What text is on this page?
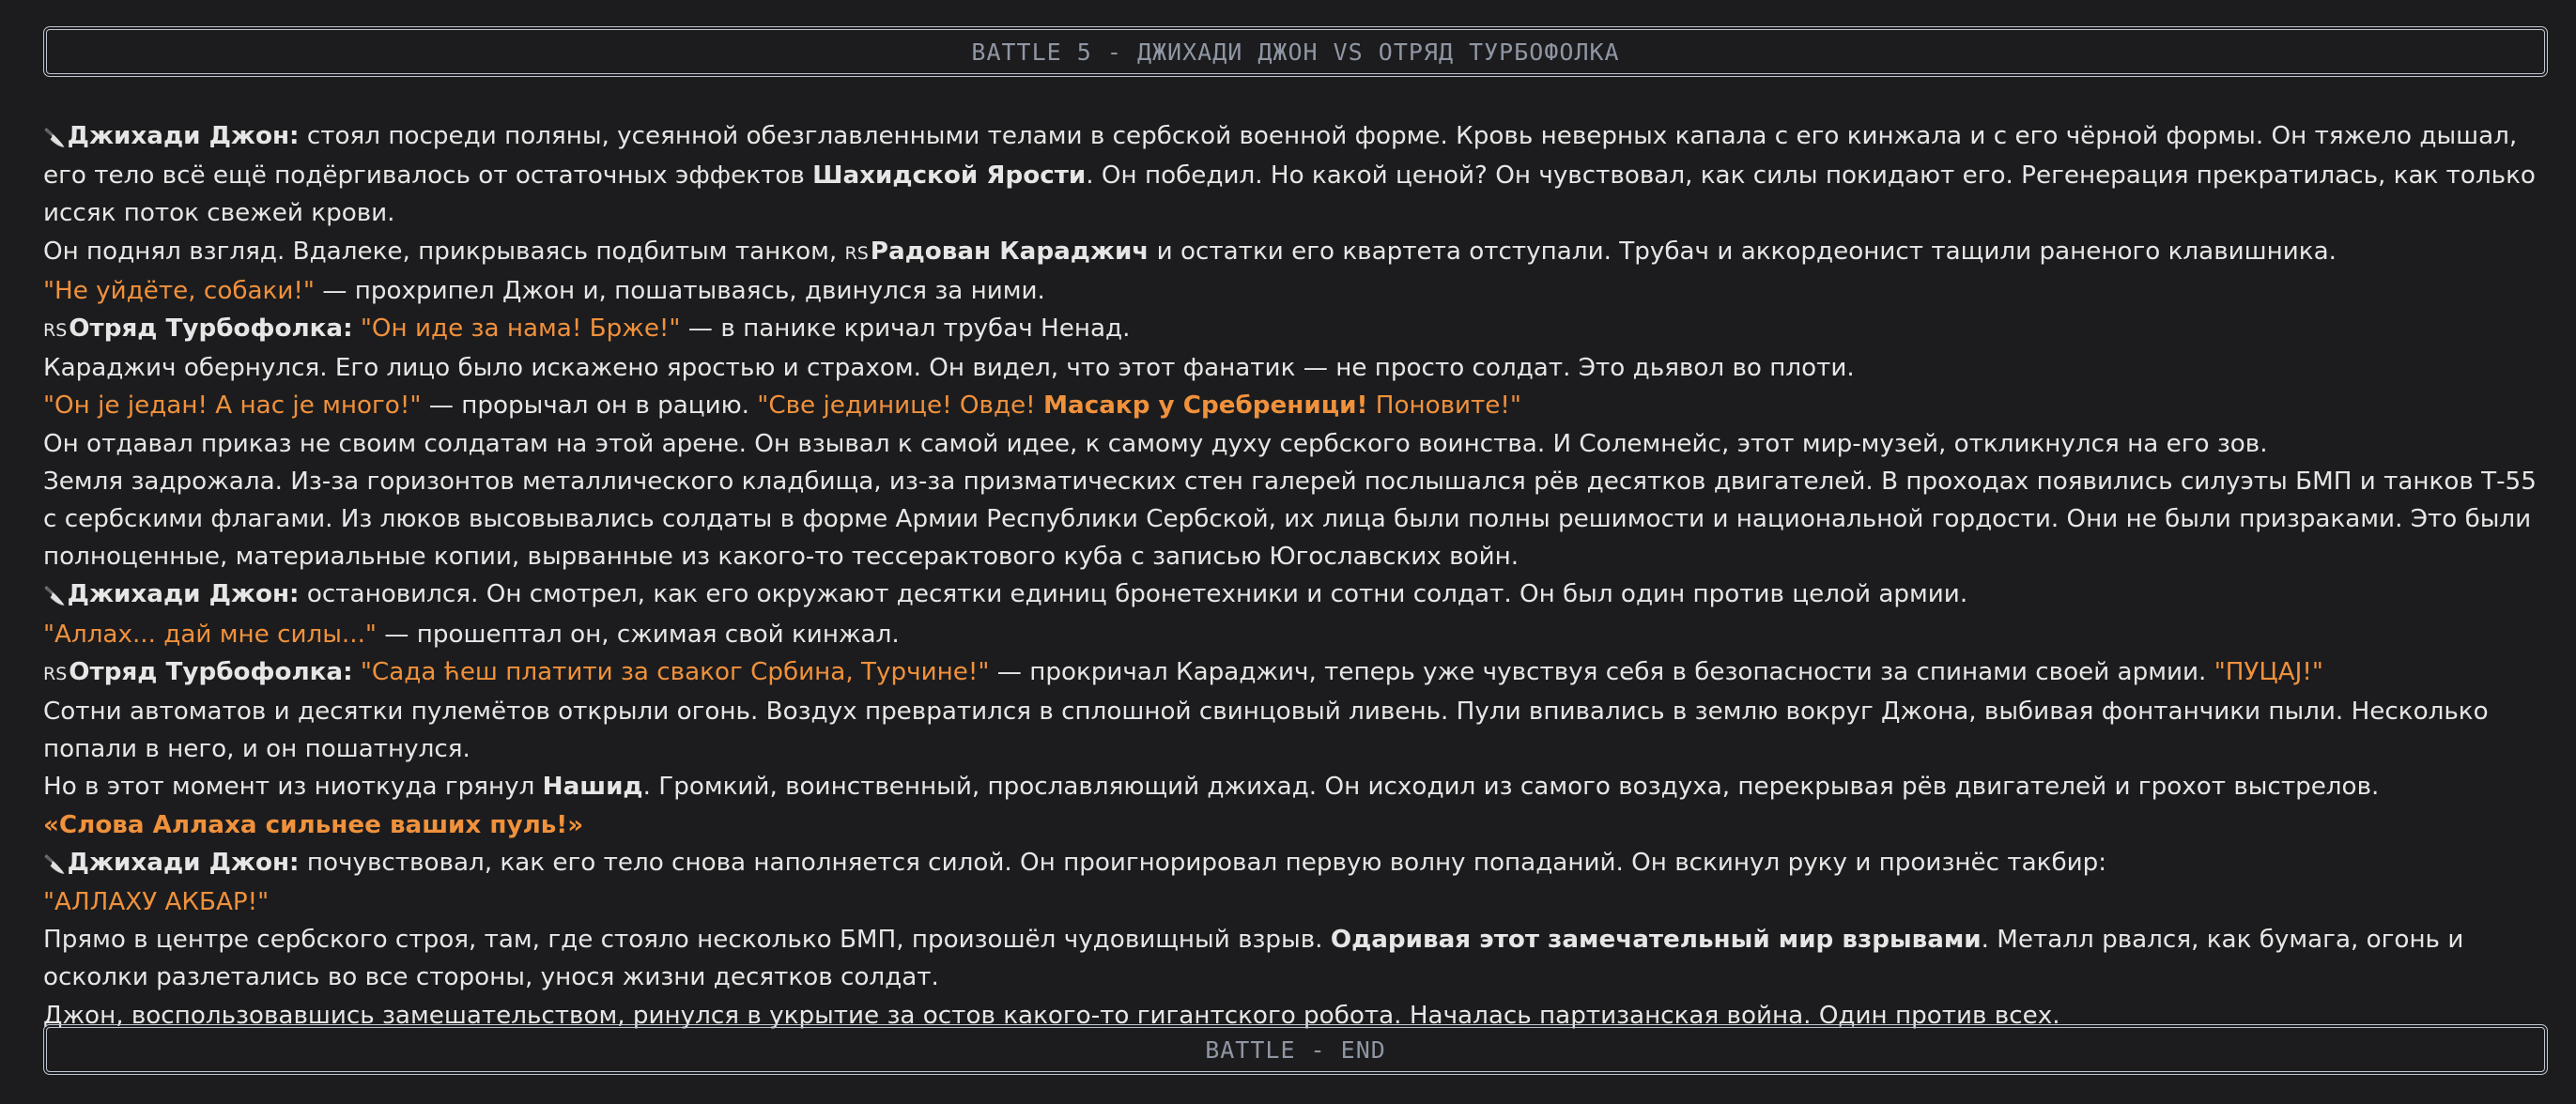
BATTLE 5 - ДЖИХАДИ ДЖОН VS ОТРЯД ТУРБОФОЛКА
🔪Джихади Джон: стоял посреди поляны, усеянной обезглавленными телами в сербской военной форме. Кровь неверных капала с его кинжала и с его чёрной формы. Он тяжело дышал, его тело всё ещё подёргивалось от остаточных эффектов Шахидской Ярости. Он победил. Но какой ценой? Он чувствовал, как силы покидают его. Регенерация прекратилась, как только иссяк поток свежей крови.
Он поднял взгляд. Вдалеке, прикрываясь подбитым танком, RSРадован Караджич и остатки его квартета отступали. Трубач и аккордеонист тащили раненого клавишника.
"Не уйдёте, собаки!" — прохрипел Джон и, пошатываясь, двинулся за ними.
RSОтряд Турбофолка: "Он иде за нама! Бржe!" — в панике кричал трубач Ненад.
Караджич обернулся. Его лицо было искажено яростью и страхом. Он видел, что этот фанатик — не просто солдат. Это дьявол во плоти.
"Он је један! А нас је много!" — прорычал он в рацию. "Све јединице! Овде! Масакр у Сребреници! Поновите!"
Он отдавал приказ не своим солдатам на этой арене. Он взывал к самой идее, к самому духу сербского воинства. И Солемнейс, этот мир-музей, откликнулся на его зов.
Земля задрожала. Из-за горизонтов металлического кладбища, из-за призматических стен галерей послышался рёв десятков двигателей. В проходах появились силуэты БМП и танков Т-55 с сербскими флагами. Из люков высовывались солдаты в форме Армии Республики Сербской, их лица были полны решимости и национальной гордости. Они не были призраками. Это были полноценные, материальные копии, вырванные из какого-то тессерактового куба с записью Югославских войн.
🔪Джихади Джон: остановился. Он смотрел, как его окружают десятки единиц бронетехники и сотни солдат. Он был один против целой армии.
"Аллах... дай мне силы..." — прошептал он, сжимая свой кинжал.
RSОтряд Турбофолка: "Сада ћеш платити за сваког Србина, Турчине!" — прокричал Караджич, теперь уже чувствуя себя в безопасности за спинами своей армии. "ПУЦАЈ!"
Сотни автоматов и десятки пулемётов открыли огонь. Воздух превратился в сплошной свинцовый ливень. Пули впивались в землю вокруг Джона, выбивая фонтанчики пыли. Несколько попали в него, и он пошатнулся.
Но в этот момент из ниоткуда грянул Нашид. Громкий, воинственный, прославляющий джихад. Он исходил из самого воздуха, перекрывая рёв двигателей и грохот выстрелов.
«Слова Аллаха сильнее ваших пуль!»
🔪Джихади Джон: почувствовал, как его тело снова наполняется силой. Он проигнорировал первую волну попаданий. Он вскинул руку и произнёс такбир:
"АЛЛАХУ АКБАР!"
Прямо в центре сербского строя, там, где стояло несколько БМП, произошёл чудовищный взрыв. Одаривая этот замечательный мир взрывами. Металл рвался, как бумага, огонь и осколки разлетались во все стороны, унося жизни десятков солдат.
Джон, воспользовавшись замешательством, ринулся в укрытие за остов какого-то гигантского робота. Началась партизанская война. Один против всех.
BATTLE - END
